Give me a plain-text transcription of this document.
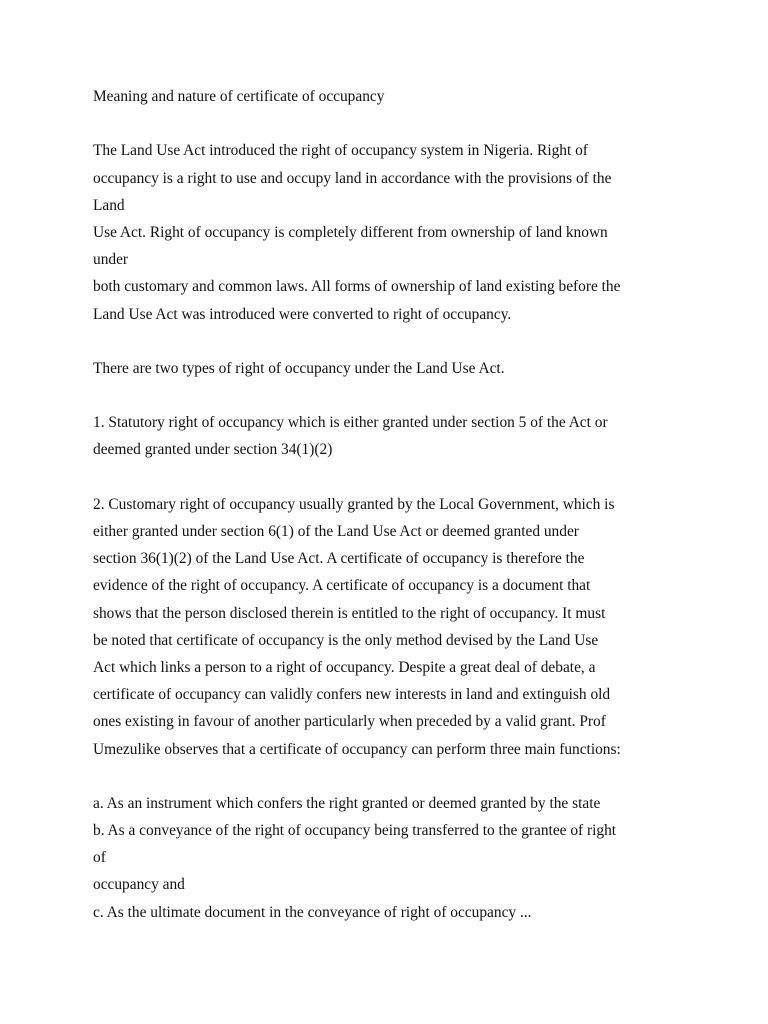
Meaning and nature of certificate of occupancy
The Land Use Act introduced the right of occupancy system in Nigeria. Right of
occupancy is a right to use and occupy land in accordance with the provisions of the
Land
Use Act. Right of occupancy is completely different from ownership of land known
under
both customary and common laws. All forms of ownership of land existing before the
Land Use Act was introduced were converted to right of occupancy.
There are two types of right of occupancy under the Land Use Act.
1. Statutory right of occupancy which is either granted under section 5 of the Act or
deemed granted under section 34(1)(2)
2. Customary right of occupancy usually granted by the Local Government, which is
either granted under section 6(1) of the Land Use Act or deemed granted under
section 36(1)(2) of the Land Use Act. A certificate of occupancy is therefore the
evidence of the right of occupancy. A certificate of occupancy is a document that
shows that the person disclosed therein is entitled to the right of occupancy. It must
be noted that certificate of occupancy is the only method devised by the Land Use
Act which links a person to a right of occupancy. Despite a great deal of debate, a
certificate of occupancy can validly confers new interests in land and extinguish old
ones existing in favour of another particularly when preceded by a valid grant. Prof
Umezulike observes that a certificate of occupancy can perform three main functions:
a. As an instrument which confers the right granted or deemed granted by the state
b. As a conveyance of the right of occupancy being transferred to the grantee of right
of
occupancy and
c. As the ultimate document in the conveyance of right of occupancy ...
